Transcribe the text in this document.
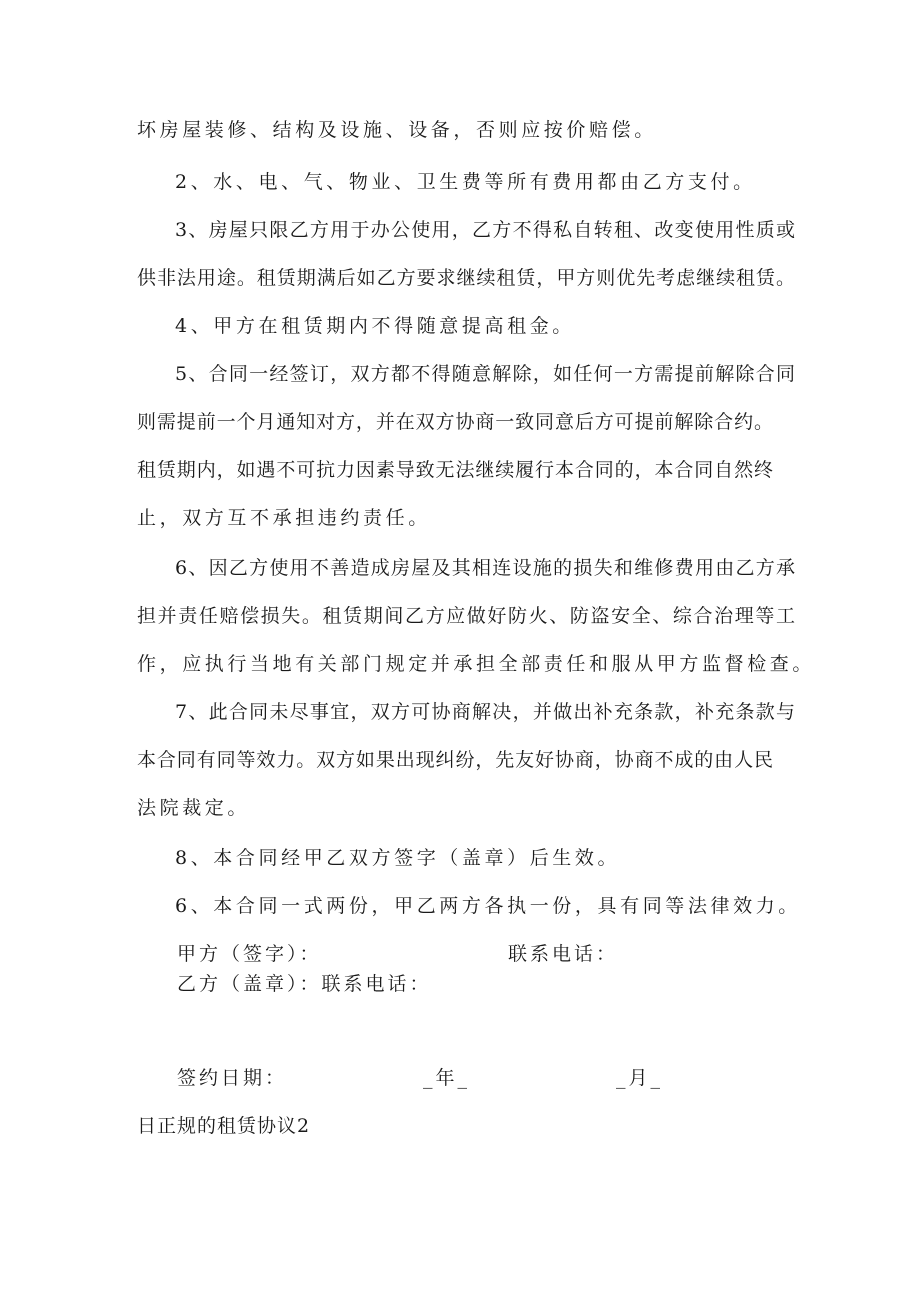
坏房屋装修、结构及设施、设备，否则应按价赔偿。
2、水、电、气、物业、卫生费等所有费用都由乙方支付。
3、房屋只限乙方用于办公使用，乙方不得私自转租、改变使用性质或
供非法用途。租赁期满后如乙方要求继续租赁，甲方则优先考虑继续租赁。
4、甲方在租赁期内不得随意提高租金。
5、合同一经签订，双方都不得随意解除，如任何一方需提前解除合同
则需提前一个月通知对方，并在双方协商一致同意后方可提前解除合约。
租赁期内，如遇不可抗力因素导致无法继续履行本合同的，本合同自然终
止，双方互不承担违约责任。
6、因乙方使用不善造成房屋及其相连设施的损失和维修费用由乙方承
担并责任赔偿损失。租赁期间乙方应做好防火、防盗安全、综合治理等工
作，应执行当地有关部门规定并承担全部责任和服从甲方监督检查。
7、此合同未尽事宜，双方可协商解决，并做出补充条款，补充条款与
本合同有同等效力。双方如果出现纠纷，先友好协商，协商不成的由人民
法院裁定。
8、本合同经甲乙双方签字（盖章）后生效。
6、本合同一式两份，甲乙两方各执一份，具有同等法律效力。
甲方（签字）：	联系电话：
乙方（盖章）：联系电话：
签约日期：	_年_	_月_
日正规的租赁协议2
